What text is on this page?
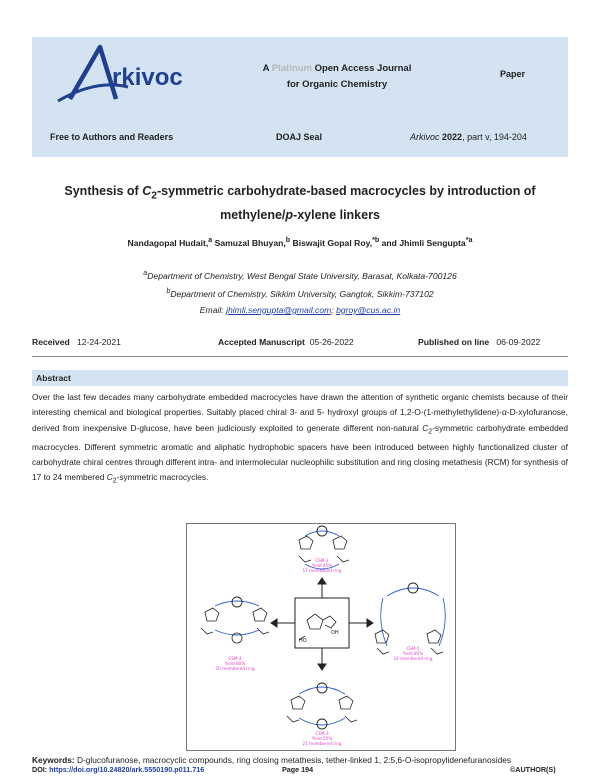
rkivoc	A Platinum Open Access Journal
for Organic Chemistry
Paper
Free to Authors and Readers	DOAJ Seal	Arkivoc 2022, part v, 194-204
Synthesis of $C_2$-symmetric carbohydrate-based macrocycles by introduction of
methylene/p-xylene linkers
Nandagopal Hudait,$^a$ Samuzal Bhuyan,$^b$ Biswajit Gopal Roy,$^{*b}$ and Jhimli Sengupta$^{*a}$
$^a$Department of Chemistry, West Bengal State University, Barasat, Kolkata-700126
$^b$Department of Chemistry, Sikkim University, Gangtok, Sikkim-737102
Email: jhimli.sengupta@gmail.com; bgroy@cus.ac.in
Received 12-24-2021	Accepted Manuscript 05-26-2022	Published on line 06-09-2022
Abstract
Over the last few decades many carbohydrate embedded macrocycles have drawn the attention of synthetic organic chemists because of their interesting chemical and biological properties. Suitably placed chiral 3- and 5- hydroxyl groups of 1,2-O-(1-methylethylidene)-α-D-xylofuranose, derived from inexpensive D-glucose, have been judiciously exploited to generate different non-natural $C_2$-symmetric carbohydrate embedded macrocycles. Different symmetric aromatic and aliphatic hydrophobic spacers have been introduced between highly functionalized cluster of carbohydrate chiral centres through different intra- and intermolecular nucleophilic substitution and ring closing metathesis (RCM) for synthesis of 17 to 24 membered $C_2$-symmetric macrocycles.
HO
OH
CSM-2
Yield 45%
17 membered ring
CSM-4
Yield 80%
20 membered ring
CSM-5
Yield 80%
24 membered ring
CSM-3
Yield 55%
21 membered ring
Keywords: D-glucofuranose, macrocyclic compounds, ring closing metathesis, tether-linked 1, 2:5,6-O-isopropylidenefuranosides
DOI: https://doi.org/10.24820/ark.5550190.p011.716	Page 194	©AUTHOR(S)
